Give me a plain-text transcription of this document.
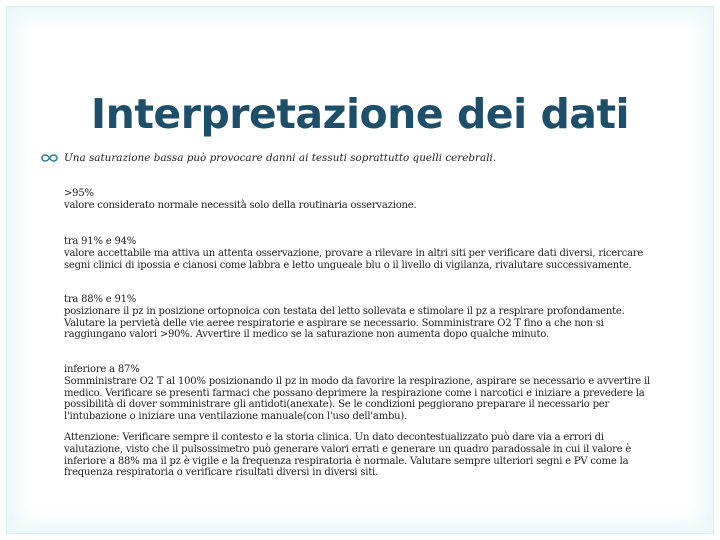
Interpretazione dei dati
Una saturazione bassa può provocare danni ai tessuti soprattutto quelli cerebrali.
>95%
valore considerato normale necessità solo della routinaria osservazione.
tra 91% e 94%
valore accettabile ma attiva un attenta osservazione, provare a rilevare in altri siti per verificare dati diversi, ricercare
segni clinici di ipossia e cianosi come labbra e letto ungueale blu o il livello di vigilanza, rivalutare successivamente.
tra 88% e 91%
posizionare il pz in posizione ortopnoica con testata del letto sollevata e stimolare il pz a respirare profondamente.
Valutare la pervietà delle vie aeree respiratorie e aspirare se necessario. Somministrare O2 T fino a che non si
raggiungano valori >90%. Avvertire il medico se la saturazione non aumenta dopo qualche minuto.
inferiore a 87%
Somministrare O2 T al 100% posizionando il pz in modo da favorire la respirazione, aspirare se necessario e avvertire il
medico. Verificare se presenti farmaci che possano deprimere la respirazione come i narcotici e iniziare a prevedere la
possibilità di dover somministrare gli antidoti(anexate). Se le condizioni peggiorano preparare il necessario per
l'intubazione o iniziare una ventilazione manuale(con l'uso dell'ambu).
Attenzione: Verificare sempre il contesto e la storia clinica. Un dato decontestualizzato può dare via a errori di
valutazione, visto che il pulsossimetro può generare valori errati e generare un quadro paradossale in cui il valore è
inferiore a 88% ma il pz è vigile e la frequenza respiratoria è normale. Valutare sempre ulteriori segni e PV come la
frequenza respiratoria o verificare risultati diversi in diversi siti.
